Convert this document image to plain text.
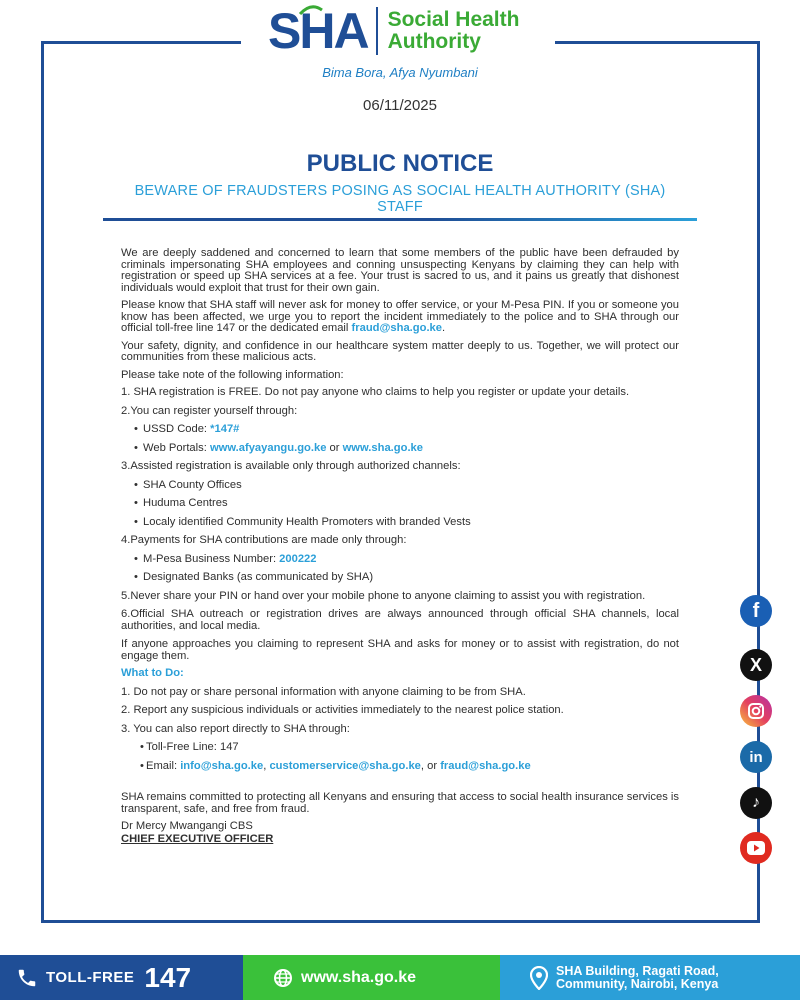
SHA Social Health
Authority
Bima Bora, Afya Nyumbani
06/11/2025
PUBLIC NOTICE
BEWARE OF FRAUDSTERS POSING AS SOCIAL HEALTH AUTHORITY (SHA) STAFF

We are deeply saddened and concerned to learn that some members of the public have been defrauded by criminals impersonating SHA employees and conning unsuspecting Kenyans by claiming they can help with registration or speed up SHA services at a fee. Your trust is sacred to us, and it pains us greatly that dishonest individuals would exploit that trust for their own gain.

Please know that SHA staff will never ask for money to offer service, or your M-Pesa PIN. If you or someone you know has been affected, we urge you to report the incident immediately to the police and to SHA through our official toll-free line 147 or the dedicated email fraud@sha.go.ke.

Your safety, dignity, and confidence in our healthcare system matter deeply to us. Together, we will protect our communities from these malicious acts.

Please take note of the following information:
1. SHA registration is FREE. Do not pay anyone who claims to help you register or update your details.
2.You can register yourself through:
• USSD Code: *147#
• Web Portals: www.afyayangu.go.ke or www.sha.go.ke
3.Assisted registration is available only through authorized channels:
• SHA County Offices
• Huduma Centres
• Localy identified Community Health Promoters with branded Vests
4.Payments for SHA contributions are made only through:
• M-Pesa Business Number: 200222
• Designated Banks (as communicated by SHA)
5.Never share your PIN or hand over your mobile phone to anyone claiming to assist you with registration.
6.Official SHA outreach or registration drives are always announced through official SHA channels, local authorities, and local media.

If anyone approaches you claiming to represent SHA and asks for money or to assist with registration, do not engage them.

What to Do:
1. Do not pay or share personal information with anyone claiming to be from SHA.
2. Report any suspicious individuals or activities immediately to the nearest police station.
3. You can also report directly to SHA through:
• Toll-Free Line: 147
• Email: info@sha.go.ke, customerservice@sha.go.ke, or fraud@sha.go.ke

SHA remains committed to protecting all Kenyans and ensuring that access to social health insurance services is transparent, safe, and free from fraud.

Dr Mercy Mwangangi CBS
CHIEF EXECUTIVE OFFICER
f
X
in
♪
TOLL-FREE 147	www.sha.go.ke	SHA Building, Ragati Road,
Community, Nairobi, Kenya
